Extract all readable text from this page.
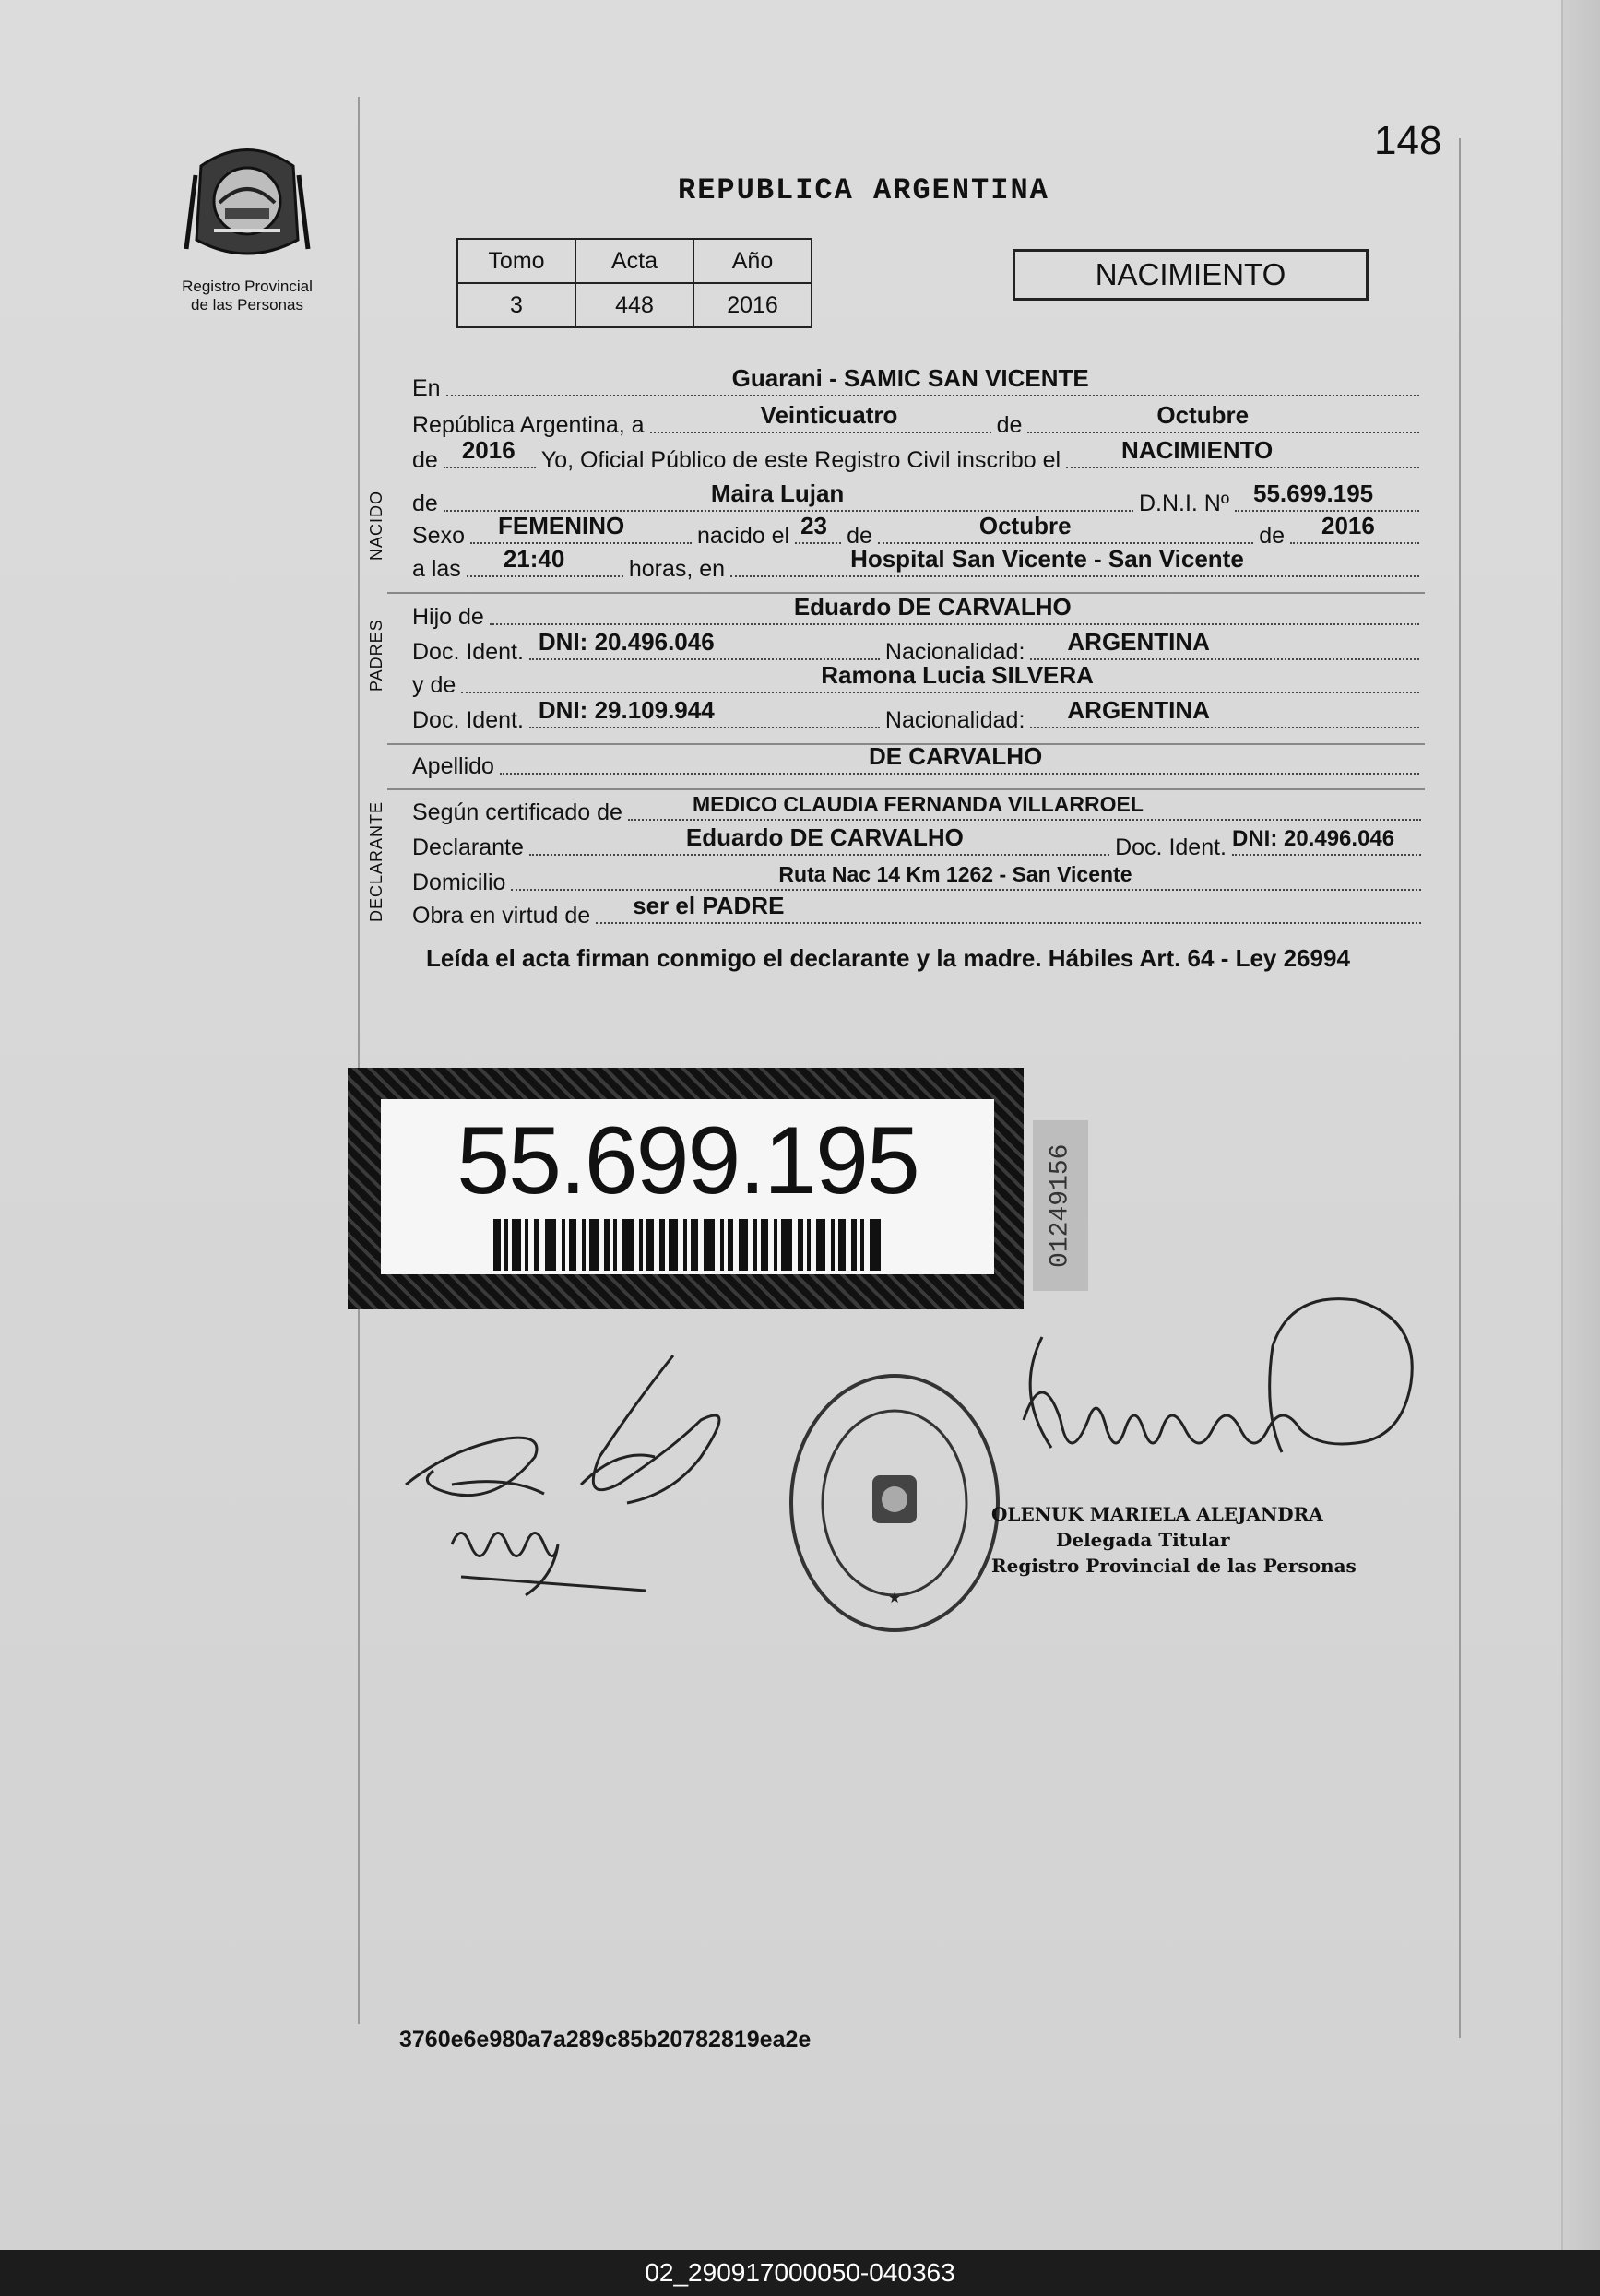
148
Registro Provincial
de las Personas
REPUBLICA ARGENTINA
Tomo	Acta	Año
3	448	2016
NACIMIENTO
En	Guarani - SAMIC SAN VICENTE
República Argentina, a	Veinticuatro	de	Octubre
de 2016 Yo, Oficial Público de este Registro Civil inscribo el	NACIMIENTO
NACIDO de	Maira Lujan	D.N.I. Nº 55.699.195
Sexo FEMENINO	nacido el 23 de	Octubre	de 2016
a las 21:40	horas, en	Hospital San Vicente - San Vicente
PADRES
Hijo de	Eduardo DE CARVALHO
Doc. Ident. DNI: 20.496.046	Nacionalidad: ARGENTINA
y de	Ramona Lucia SILVERA
Doc. Ident. DNI: 29.109.944	Nacionalidad: ARGENTINA
Apellido	DE CARVALHO
DECLARANTE Según certificado de	MEDICO CLAUDIA FERNANDA VILLARROEL
Declarante	Eduardo DE CARVALHO	Doc. Ident. DNI: 20.496.046
Domicilio	Ruta Nac 14 Km 1262 - San Vicente
Obra en virtud de ser el PADRE
Leída el acta firman conmigo el declarante y la madre. Hábiles Art. 64 - Ley 26994
55.699.195	01249156
★
OLENUK MARIELA ALEJANDRA
Delegada Titular
Registro Provincial de las Personas
3760e6e980a7a289c85b20782819ea2e
02_290917000050-040363
